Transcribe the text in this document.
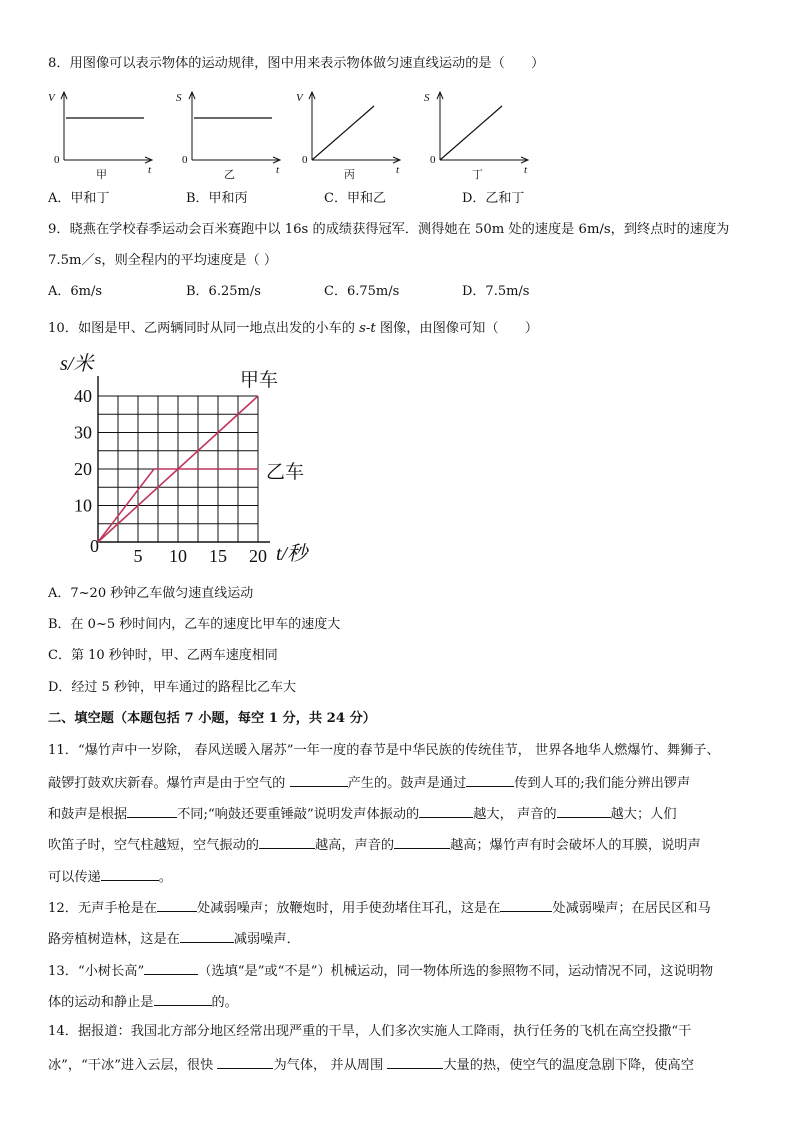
8．用图像可以表示物体的运动规律，图中用来表示物体做匀速直线运动的是（　　）
V
0
t
甲
S
0
t
乙
V
0
t
丙
S
0
t
丁
A．甲和丁	B．甲和丙	C．甲和乙	D．乙和丁
9．晓燕在学校春季运动会百米赛跑中以 16s 的成绩获得冠军．测得她在 50m 处的速度是 6m/s，到终点时的速度为
7.5m／s，则全程内的平均速度是（ ）
A．6m/s	B．6.25m/s	C．6.75m/s	D．7.5m/s
10．如图是甲、乙两辆同时从同一地点出发的小车的 s-t 图像，由图像可知（　　）
s/米
t/秒
0 5 10 15 20
10
20
30
40
甲车
乙车
A．7~20 秒钟乙车做匀速直线运动
B．在 0~5 秒时间内，乙车的速度比甲车的速度大
C．第 10 秒钟时，甲、乙两车速度相同
D．经过 5 秒钟，甲车通过的路程比乙车大
二、填空题（本题包括 7 小题，每空 1 分，共 24 分）
11．“爆竹声中一岁除， 春风送暖入屠苏”一年一度的春节是中华民族的传统佳节， 世界各地华人燃爆竹、舞狮子、
敲锣打鼓欢庆新春。爆竹声是由于空气的	产生的。鼓声是通过	传到人耳的;我们能分辨出锣声
和鼓声是根据	不同;“响鼓还要重锤敲”说明发声体振动的	越大， 声音的	越大；人们
吹笛子时，空气柱越短，空气振动的	越高，声音的	越高；爆竹声有时会破坏人的耳膜，说明声
可以传递	。
12．无声手枪是在	处减弱噪声；放鞭炮时，用手使劲堵住耳孔，这是在	处减弱噪声；在居民区和马
路旁植树造林，这是在	减弱噪声．
13．“小树长高”	（选填“是”或“不是”）机械运动，同一物体所选的参照物不同，运动情况不同，这说明物
体的运动和静止是	的。
14．据报道：我国北方部分地区经常出现严重的干旱，人们多次实施人工降雨，执行任务的飞机在高空投撒“干
冰”，“干冰”进入云层，很快	为气体， 并从周围	大量的热，使空气的温度急剧下降，使高空
